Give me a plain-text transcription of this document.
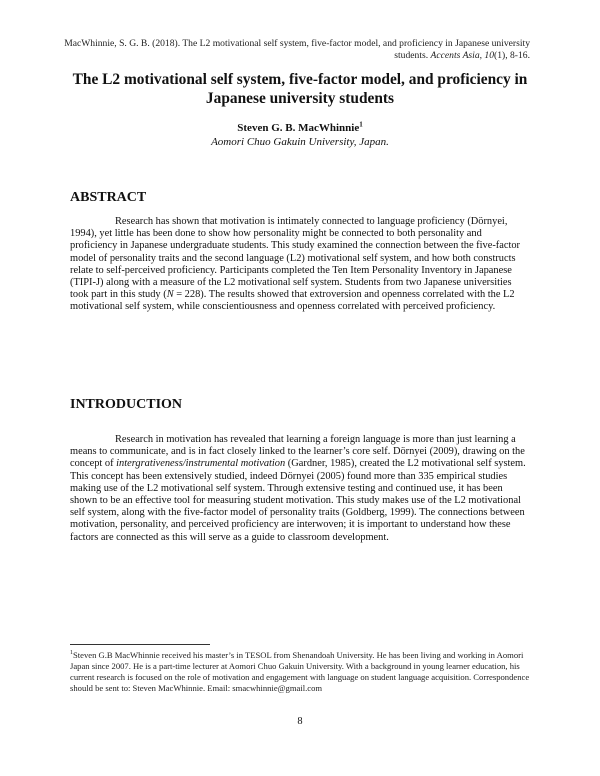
MacWhinnie, S. G. B. (2018). The L2 motivational self system, five-factor model, and proficiency in Japanese university students. Accents Asia, 10(1), 8-16.
The L2 motivational self system, five-factor model, and proficiency in Japanese university students
Steven G. B. MacWhinnie$^1$
Aomori Chuo Gakuin University, Japan.
ABSTRACT

Research has shown that motivation is intimately connected to language proficiency (Dörnyei, 1994), yet little has been done to show how personality might be connected to both personality and proficiency in Japanese undergraduate students. This study examined the connection between the five-factor model of personality traits and the second language (L2) motivational self system, and how both constructs relate to self-perceived proficiency. Participants completed the Ten Item Personality Inventory in Japanese (TIPI-J) along with a measure of the L2 motivational self system. Students from two Japanese universities took part in this study (N = 228). The results showed that extroversion and openness correlated with the L2 motivational self system, while conscientiousness and openness correlated with perceived proficiency.

INTRODUCTION

Research in motivation has revealed that learning a foreign language is more than just learning a means to communicate, and is in fact closely linked to the learner’s core self. Dörnyei (2009), drawing on the concept of intergrativeness/instrumental motivation (Gardner, 1985), created the L2 motivational self system. This concept has been extensively studied, indeed Dörnyei (2005) found more than 335 empirical studies making use of the L2 motivational self system. Through extensive testing and continued use, it has been shown to be an effective tool for measuring student motivation. This study makes use of the L2 motivational self system, along with the five-factor model of personality traits (Goldberg, 1999). The connections between motivation, personality, and perceived proficiency are interwoven; it is important to understand how these factors are connected as this will serve as a guide to classroom development.

$^1$Steven G.B MacWhinnie received his master’s in TESOL from Shenandoah University. He has been living and working in Aomori Japan since 2007. He is a part-time lecturer at Aomori Chuo Gakuin University. With a background in young learner education, his current research is focused on the role of motivation and engagement with language on student language acquisition. Correspondence should be sent to: Steven MacWhinnie. Email: smacwhinnie@gmail.com

8
